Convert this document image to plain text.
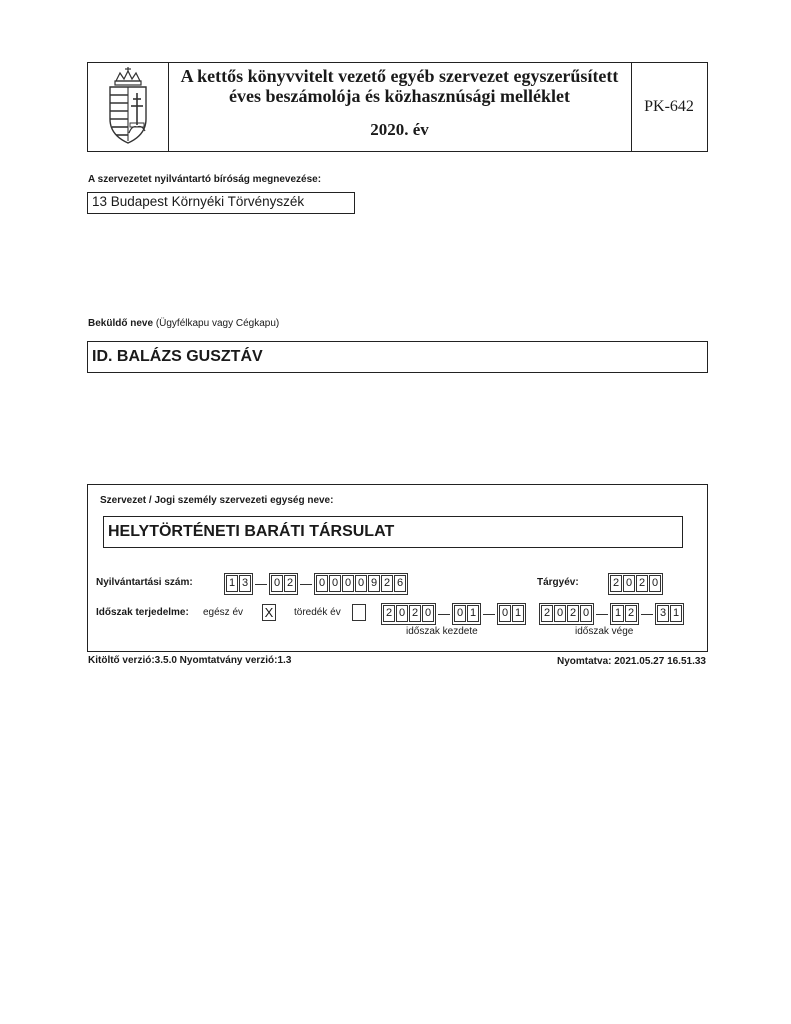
A kettős könyvvitelt vezető egyéb szervezet egyszerűsített
éves beszámolója és közhasznúsági melléklet
2020. év
PK-642
A szervezetet nyilvántartó bíróság megnevezése:
13 Budapest Környéki Törvényszék
Beküldő neve (Ügyfélkapu vagy Cégkapu)
ID. BALÁZS GUSZTÁV
Szervezet / Jogi személy szervezeti egység neve:
HELYTÖRTÉNETI BARÁTI TÁRSULAT
Nyilvántartási szám:	1 3 0 2 0 0 0 0 9 2 6	Tárgyév:	2 0 2 0
Időszak terjedelme: egész év X töredék év	2 0 2 0 0 1 0 1
időszak kezdete
2 0 2 0 1 2 3 1
időszak vége
Kitöltő verzió:3.5.0 Nyomtatvány verzió:1.3	Nyomtatva: 2021.05.27 16.51.33
